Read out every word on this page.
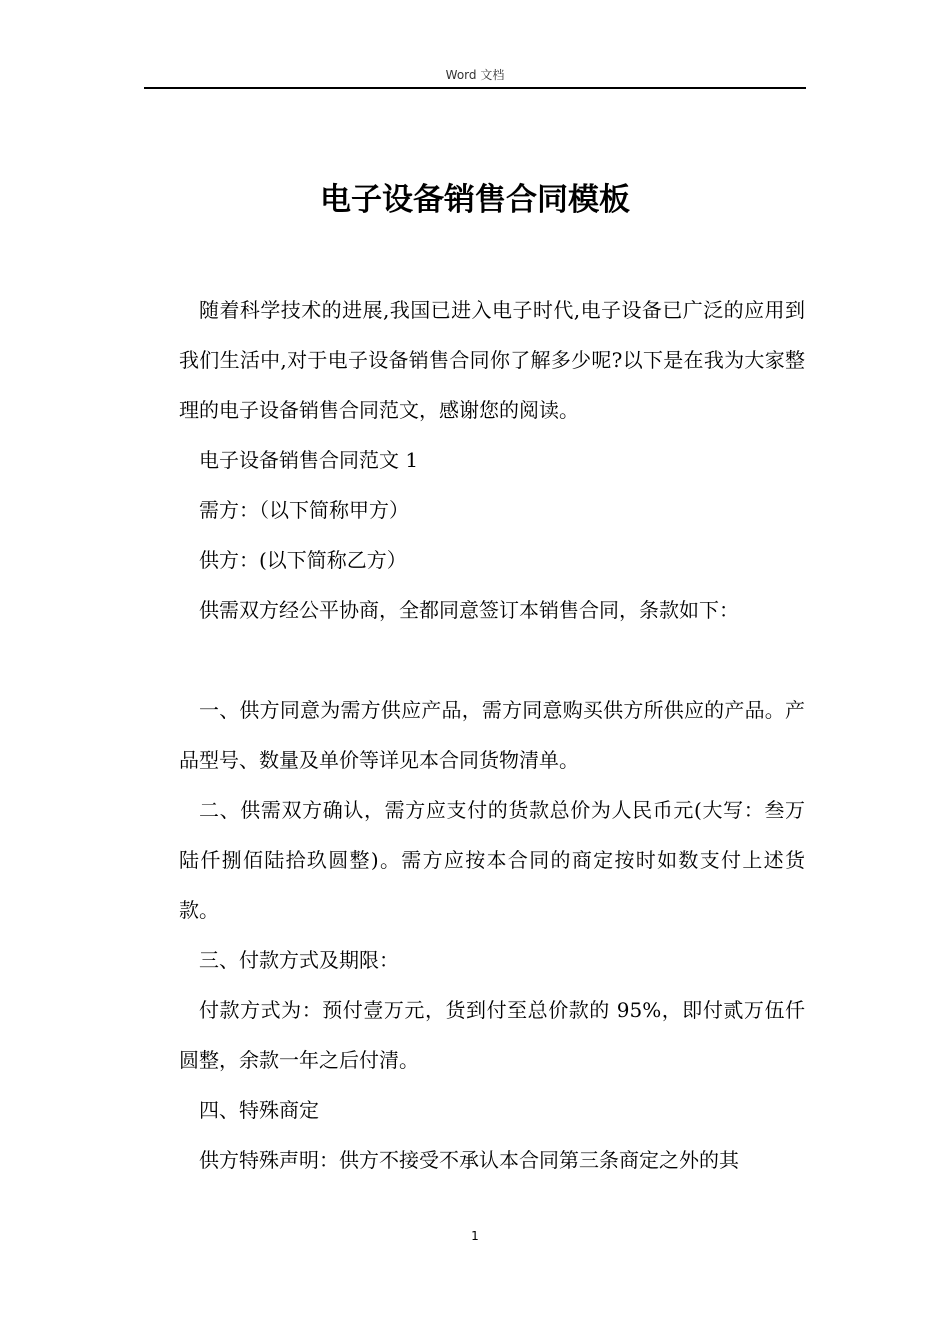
Word 文档
电子设备销售合同模板

随着科学技术的进展,我国已进入电子时代,电子设备已广泛的应用到我们生活中,对于电子设备销售合同你了解多少呢?以下是在我为大家整理的电子设备销售合同范文，感谢您的阅读。

电子设备销售合同范文 1

需方：（以下简称甲方）

供方：(以下简称乙方）

供需双方经公平协商，全都同意签订本销售合同，条款如下：

一、供方同意为需方供应产品，需方同意购买供方所供应的产品。产品型号、数量及单价等详见本合同货物清单。

二、供需双方确认，需方应支付的货款总价为人民币元(大写：叁万陆仟捌佰陆拾玖圆整)。需方应按本合同的商定按时如数支付上述货款。

三、付款方式及期限：

付款方式为：预付壹万元，货到付至总价款的 95%，即付贰万伍仟圆整，余款一年之后付清。

四、特殊商定

供方特殊声明：供方不接受不承认本合同第三条商定之外的其

1
